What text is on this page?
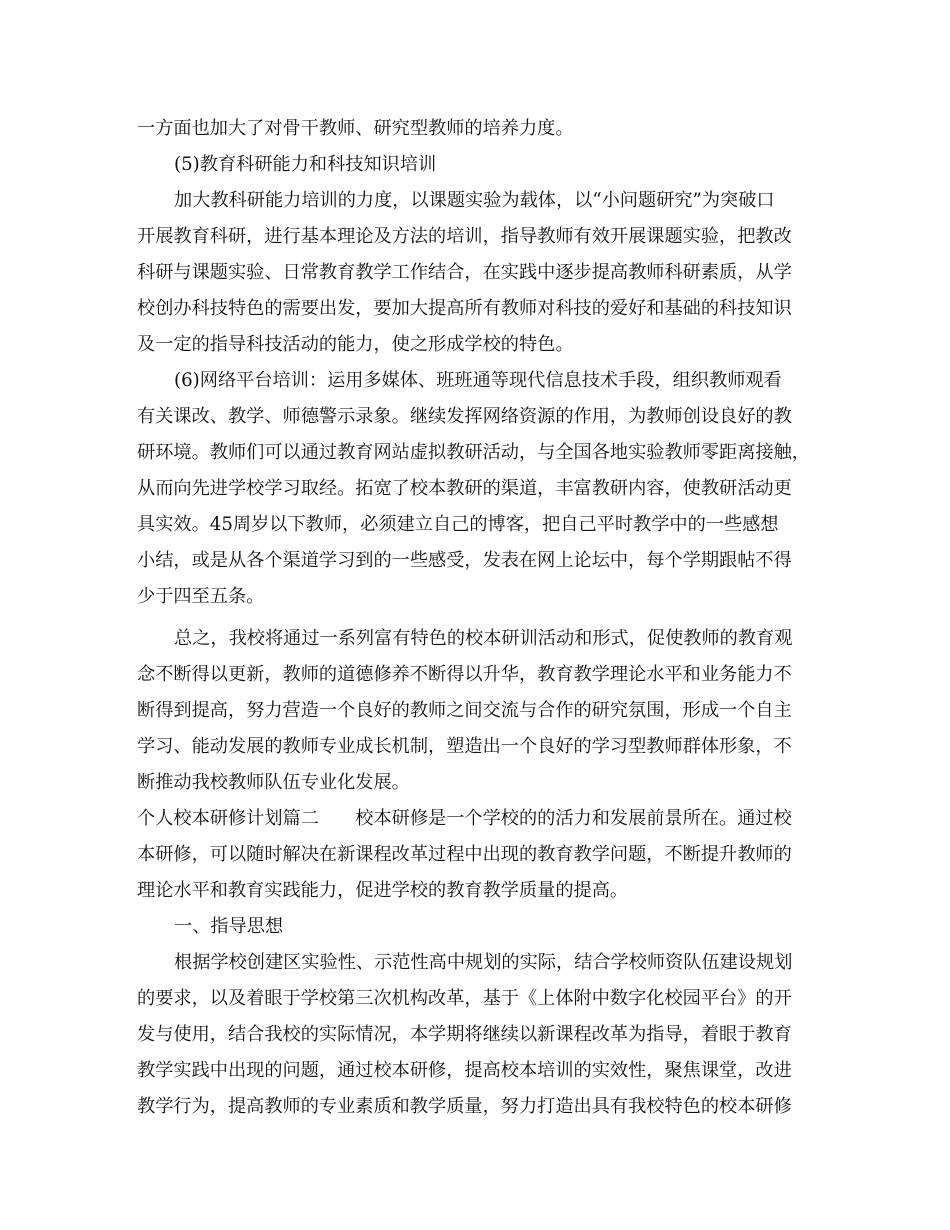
一方面也加大了对骨干教师、研究型教师的培养力度。
(5)教育科研能力和科技知识培训
加大教科研能力培训的力度，以课题实验为载体，以“小问题研究”为突破口
开展教育科研，进行基本理论及方法的培训，指导教师有效开展课题实验，把教改
科研与课题实验、日常教育教学工作结合，在实践中逐步提高教师科研素质，从学
校创办科技特色的需要出发，要加大提高所有教师对科技的爱好和基础的科技知识
及一定的指导科技活动的能力，使之形成学校的特色。
(6)网络平台培训：运用多媒体、班班通等现代信息技术手段，组织教师观看
有关课改、教学、师德警示录象。继续发挥网络资源的作用，为教师创设良好的教
研环境。教师们可以通过教育网站虚拟教研活动，与全国各地实验教师零距离接触，
从而向先进学校学习取经。拓宽了校本教研的渠道，丰富教研内容，使教研活动更
具实效。45周岁以下教师，必须建立自己的博客，把自己平时教学中的一些感想
小结，或是从各个渠道学习到的一些感受，发表在网上论坛中，每个学期跟帖不得
少于四至五条。
总之，我校将通过一系列富有特色的校本研训活动和形式，促使教师的教育观
念不断得以更新，教师的道德修养不断得以升华，教育教学理论水平和业务能力不
断得到提高，努力营造一个良好的教师之间交流与合作的研究氛围，形成一个自主
学习、能动发展的教师专业成长机制，塑造出一个良好的学习型教师群体形象，不
断推动我校教师队伍专业化发展。
个人校本研修计划篇二　　校本研修是一个学校的的活力和发展前景所在。通过校
本研修，可以随时解决在新课程改革过程中出现的教育教学问题，不断提升教师的
理论水平和教育实践能力，促进学校的教育教学质量的提高。
一、指导思想
根据学校创建区实验性、示范性高中规划的实际，结合学校师资队伍建设规划
的要求，以及着眼于学校第三次机构改革，基于《上体附中数字化校园平台》的开
发与使用，结合我校的实际情况，本学期将继续以新课程改革为指导，着眼于教育
教学实践中出现的问题，通过校本研修，提高校本培训的实效性，聚焦课堂，改进
教学行为，提高教师的专业素质和教学质量，努力打造出具有我校特色的校本研修
